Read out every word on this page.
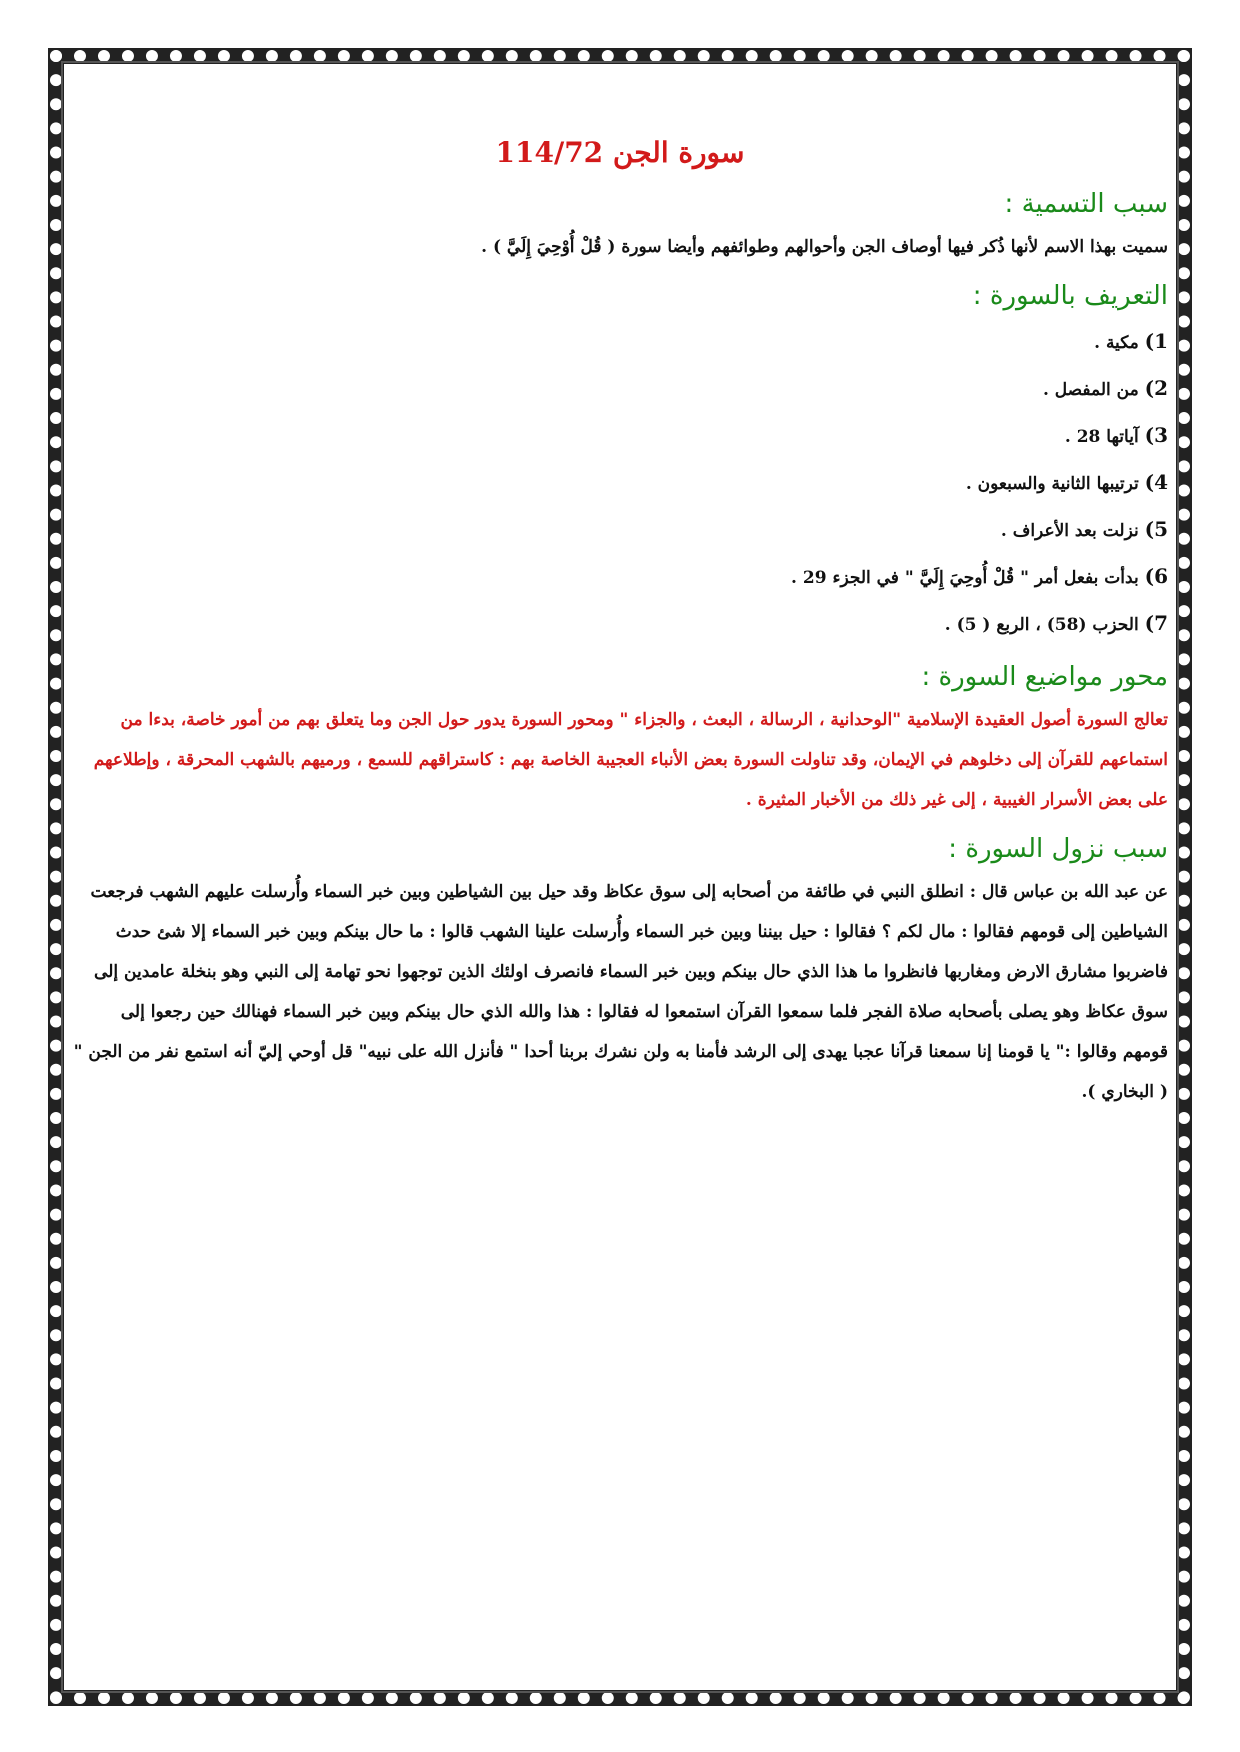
سورة الجن 114/72
سبب التسمية :

سميت بهذا الاسم لأنها ذُكر فيها أوصاف الجن وأحوالهم وطوائفهم وأيضا سورة ( قُلْ أُوْحِيَ إِلَيَّ ) .

التعريف بالسورة :
1) مكية .
2) من المفصل .
3) آياتها 28 .
4) ترتيبها الثانية والسبعون .
5) نزلت بعد الأعراف .
6) بدأت بفعل أمر " قُلْ أُوحِيَ إِلَيَّ " في الجزء 29 .
7) الحزب (58) ، الربع ( 5) .
محور مواضيع السورة :

تعالج السورة أصول العقيدة الإسلامية "الوحدانية ، الرسالة ، البعث ، والجزاء " ومحور السورة يدور حول الجن وما يتعلق بهم من أمور خاصة، بدءا من استماعهم للقرآن إلى دخلوهم في الإيمان، وقد تناولت السورة بعض الأنباء العجيبة الخاصة بهم : كاستراقهم للسمع ، ورميهم بالشهب المحرقة ، وإطلاعهم على بعض الأسرار الغيبية ، إلى غير ذلك من الأخبار المثيرة .

سبب نزول السورة :

عن عبد الله بن عباس قال : انطلق النبي في طائفة من أصحابه إلى سوق عكاظ وقد حيل بين الشياطين وبين خبر السماء وأُرسلت عليهم الشهب فرجعت الشياطين إلى قومهم فقالوا : مال لكم ؟ فقالوا : حيل بيننا وبين خبر السماء وأُرسلت علينا الشهب قالوا : ما حال بينكم وبين خبر السماء إلا شئ حدث فاضربوا مشارق الارض ومغاربها فانظروا ما هذا الذي حال بينكم وبين خبر السماء فانصرف اولئك الذين توجهوا نحو تهامة إلى النبي وهو بنخلة عامدين إلى سوق عكاظ وهو يصلى بأصحابه صلاة الفجر فلما سمعوا القرآن استمعوا له فقالوا : هذا والله الذي حال بينكم وبين خبر السماء فهنالك حين رجعوا إلى قومهم وقالوا :" يا قومنا إنا سمعنا قرآنا عجبا يهدى إلى الرشد فأمنا به ولن نشرك بربنا أحدا " فأنزل الله على نبيه" قل أوحي إليّ أنه استمع نفر من الجن " ( البخاري ).
